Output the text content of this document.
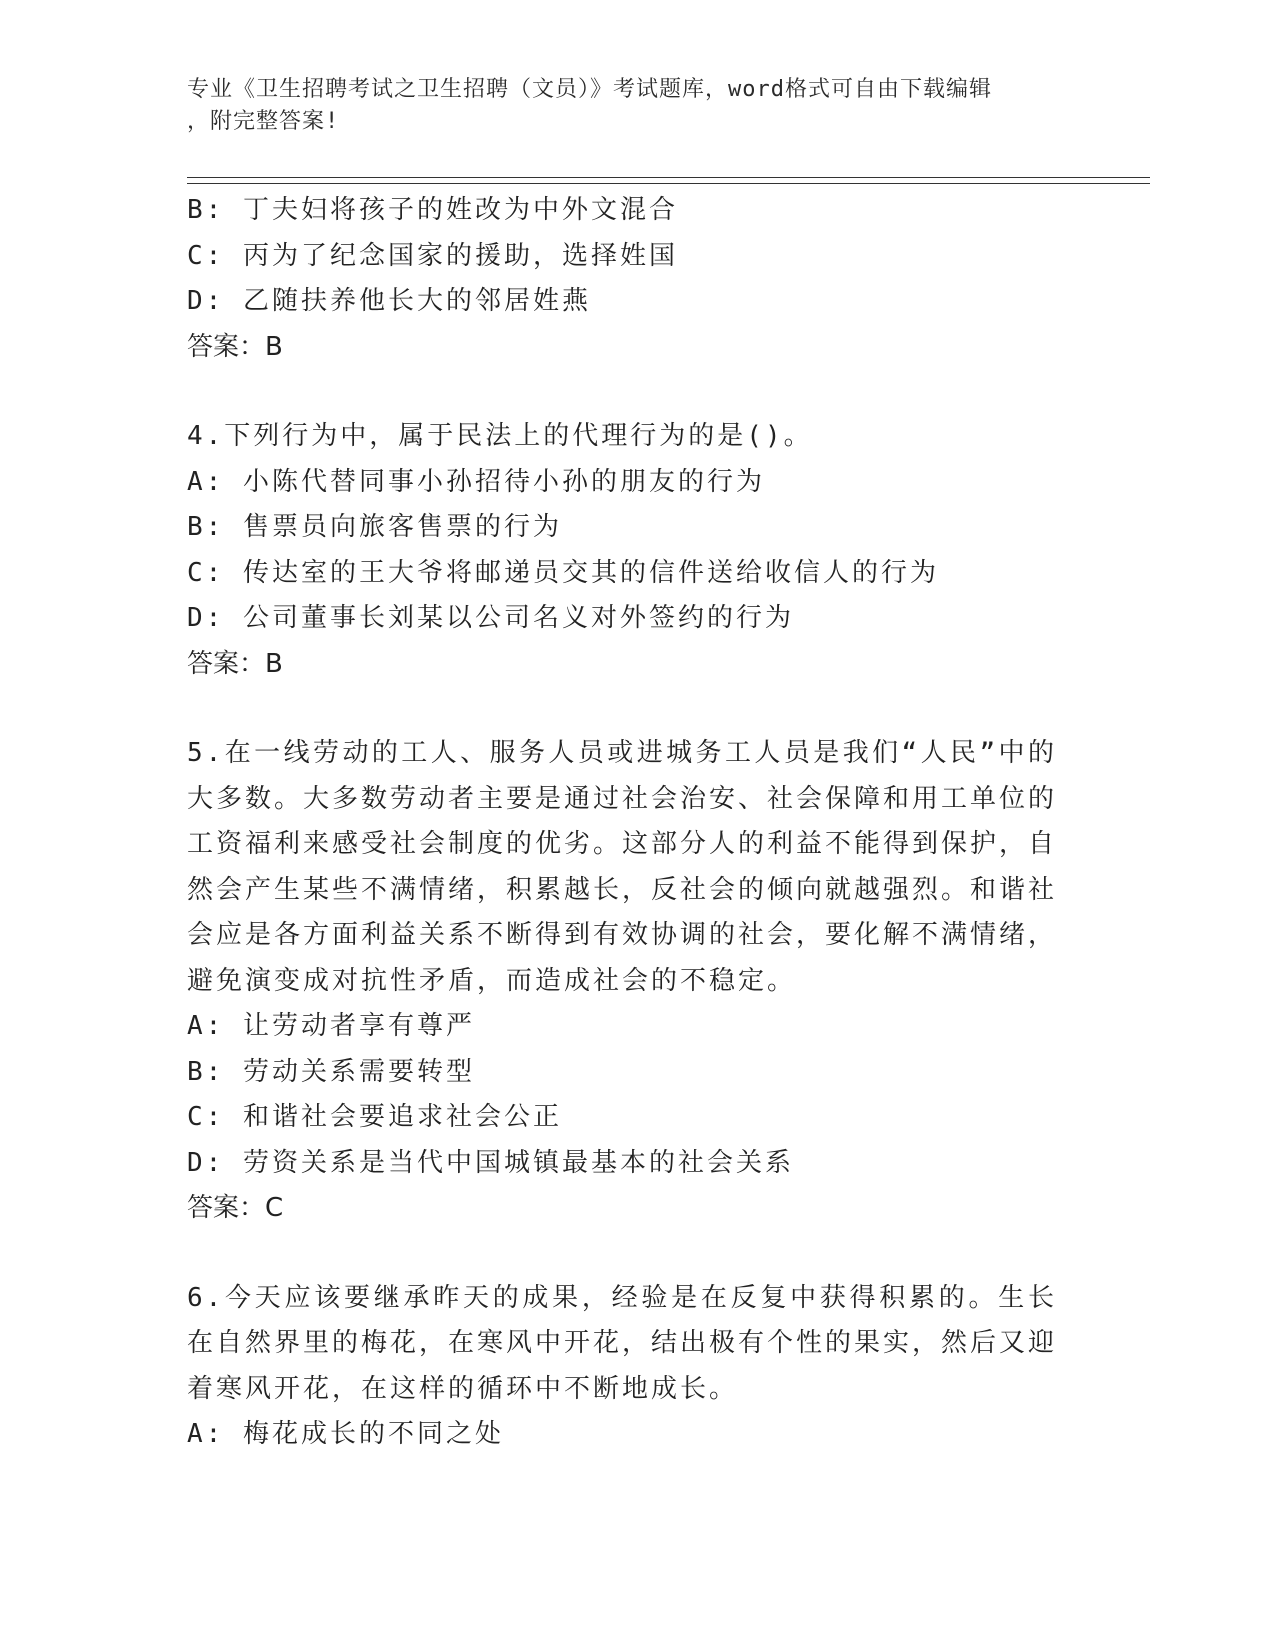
专业《卫生招聘考试之卫生招聘（文员）》考试题库，word格式可自由下载编辑
，附完整答案!
B: 丁夫妇将孩子的姓改为中外文混合
C: 丙为了纪念国家的援助，选择姓国
D: 乙随扶养他长大的邻居姓燕
答案：B
4.下列行为中，属于民法上的代理行为的是()。
A: 小陈代替同事小孙招待小孙的朋友的行为
B: 售票员向旅客售票的行为
C: 传达室的王大爷将邮递员交其的信件送给收信人的行为
D: 公司董事长刘某以公司名义对外签约的行为
答案：B
5.在一线劳动的工人、服务人员或进城务工人员是我们“人民”中的大多数。大多数劳动者主要是通过社会治安、社会保障和用工单位的工资福利来感受社会制度的优劣。这部分人的利益不能得到保护，自然会产生某些不满情绪，积累越长，反社会的倾向就越强烈。和谐社会应是各方面利益关系不断得到有效协调的社会，要化解不满情绪，避免演变成对抗性矛盾，而造成社会的不稳定。
A: 让劳动者享有尊严
B: 劳动关系需要转型
C: 和谐社会要追求社会公正
D: 劳资关系是当代中国城镇最基本的社会关系
答案：C
6.今天应该要继承昨天的成果，经验是在反复中获得积累的。生长在自然界里的梅花，在寒风中开花，结出极有个性的果实，然后又迎着寒风开花，在这样的循环中不断地成长。
A: 梅花成长的不同之处
